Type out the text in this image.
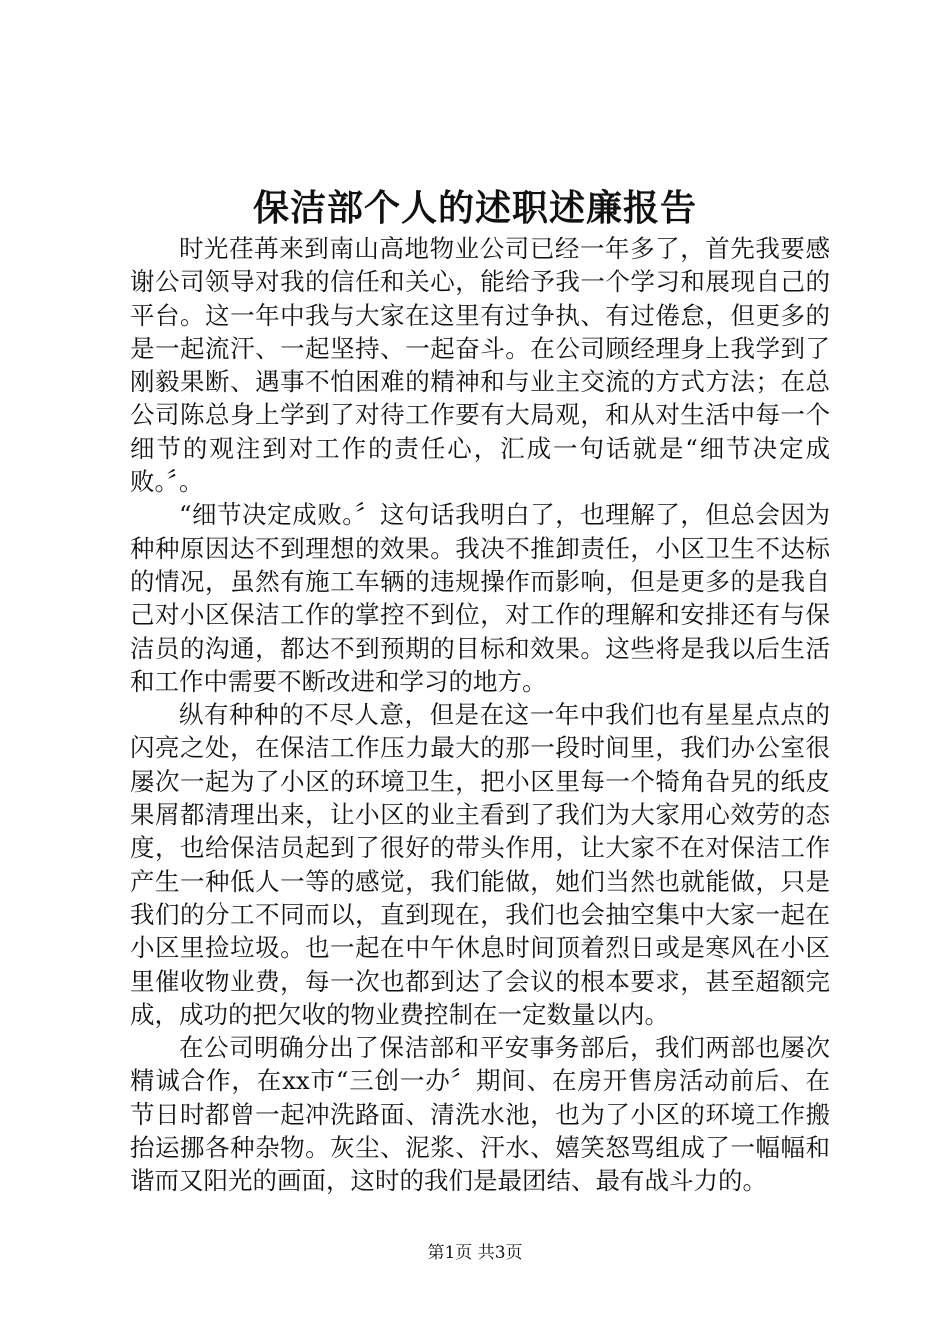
保洁部个人的述职述廉报告

时光荏苒来到南山高地物业公司已经一年多了，首先我要感谢公司领导对我的信任和关心，能给予我一个学习和展现自己的平台。这一年中我与大家在这里有过争执、有过倦怠，但更多的是一起流汗、一起坚持、一起奋斗。在公司顾经理身上我学到了刚毅果断、遇事不怕困难的精神和与业主交流的方式方法；在总公司陈总身上学到了对待工作要有大局观，和从对生活中每一个细节的观注到对工作的责任心，汇成一句话就是“细节决定成败。〞。

“细节决定成败。〞这句话我明白了，也理解了，但总会因为种种原因达不到理想的效果。我决不推卸责任，小区卫生不达标的情况，虽然有施工车辆的违规操作而影响，但是更多的是我自己对小区保洁工作的掌控不到位，对工作的理解和安排还有与保洁员的沟通，都达不到预期的目标和效果。这些将是我以后生活和工作中需要不断改进和学习的地方。

纵有种种的不尽人意，但是在这一年中我们也有星星点点的闪亮之处，在保洁工作压力最大的那一段时间里，我们办公室很屡次一起为了小区的环境卫生，把小区里每一个犄角旮旯的纸皮果屑都清理出来，让小区的业主看到了我们为大家用心效劳的态度，也给保洁员起到了很好的带头作用，让大家不在对保洁工作产生一种低人一等的感觉，我们能做，她们当然也就能做，只是我们的分工不同而以，直到现在，我们也会抽空集中大家一起在小区里捡垃圾。也一起在中午休息时间顶着烈日或是寒风在小区里催收物业费，每一次也都到达了会议的根本要求，甚至超额完成，成功的把欠收的物业费控制在一定数量以内。

在公司明确分出了保洁部和平安事务部后，我们两部也屡次精诚合作，在xx市“三创一办〞期间、在房开售房活动前后、在节日时都曾一起冲洗路面、清洗水池，也为了小区的环境工作搬抬运挪各种杂物。灰尘、泥浆、汗水、嬉笑怒骂组成了一幅幅和谐而又阳光的画面，这时的我们是最团结、最有战斗力的。

第1页 共3页
